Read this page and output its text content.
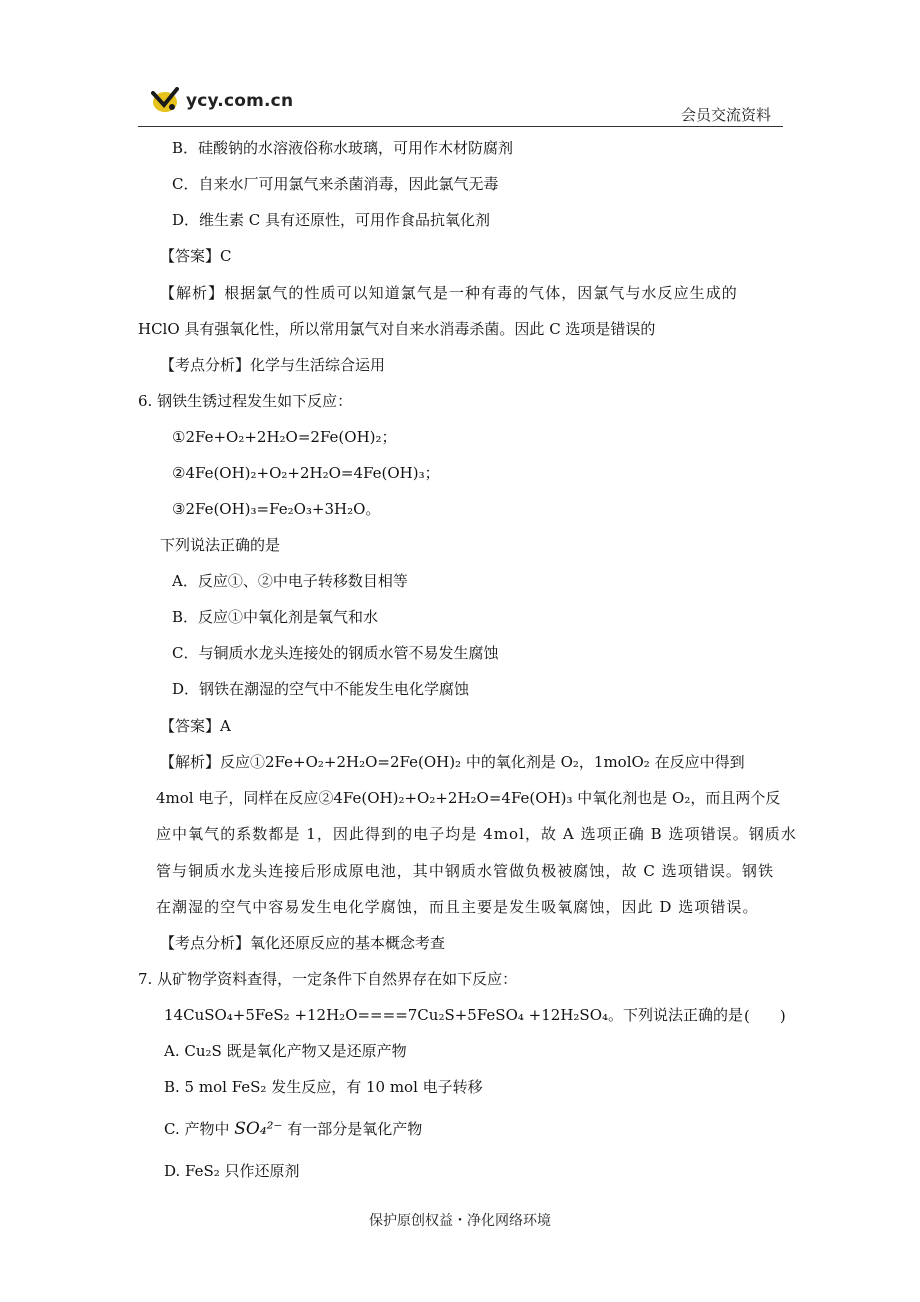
ycy.com.cn
会员交流资料
B．硅酸钠的水溶液俗称水玻璃，可用作木材防腐剂
C．自来水厂可用氯气来杀菌消毒，因此氯气无毒
D．维生素 C 具有还原性，可用作食品抗氧化剂
【答案】C
【解析】根据氯气的性质可以知道氯气是一种有毒的气体，因氯气与水反应生成的
HClO 具有强氧化性，所以常用氯气对自来水消毒杀菌。因此 C 选项是错误的
【考点分析】化学与生活综合运用
6. 钢铁生锈过程发生如下反应：
①2Fe+O₂+2H₂O=2Fe(OH)₂；
②4Fe(OH)₂+O₂+2H₂O=4Fe(OH)₃；
③2Fe(OH)₃=Fe₂O₃+3H₂O。
下列说法正确的是
A．反应①、②中电子转移数目相等
B．反应①中氧化剂是氧气和水
C．与铜质水龙头连接处的钢质水管不易发生腐蚀
D．钢铁在潮湿的空气中不能发生电化学腐蚀
【答案】A
【解析】反应①2Fe+O₂+2H₂O=2Fe(OH)₂ 中的氧化剂是 O₂，1molO₂ 在反应中得到
4mol 电子，同样在反应②4Fe(OH)₂+O₂+2H₂O=4Fe(OH)₃ 中氧化剂也是 O₂，而且两个反
应中氧气的系数都是 1，因此得到的电子均是 4mol，故 A 选项正确 B 选项错误。钢质水
管与铜质水龙头连接后形成原电池，其中钢质水管做负极被腐蚀，故 C 选项错误。钢铁
在潮湿的空气中容易发生电化学腐蚀，而且主要是发生吸氧腐蚀，因此 D 选项错误。
【考点分析】氧化还原反应的基本概念考查
7. 从矿物学资料查得，一定条件下自然界存在如下反应：
14CuSO₄+5FeS₂ +12H₂O====7Cu₂S+5FeSO₄ +12H₂SO₄。下列说法正确的是 (　　)
A. Cu₂S 既是氧化产物又是还原产物
B. 5 mol FeS₂ 发生反应，有 10 mol 电子转移
C. 产物中 SO₄²⁻ 有一部分是氧化产物
D. FeS₂ 只作还原剂
保护原创权益・净化网络环境
